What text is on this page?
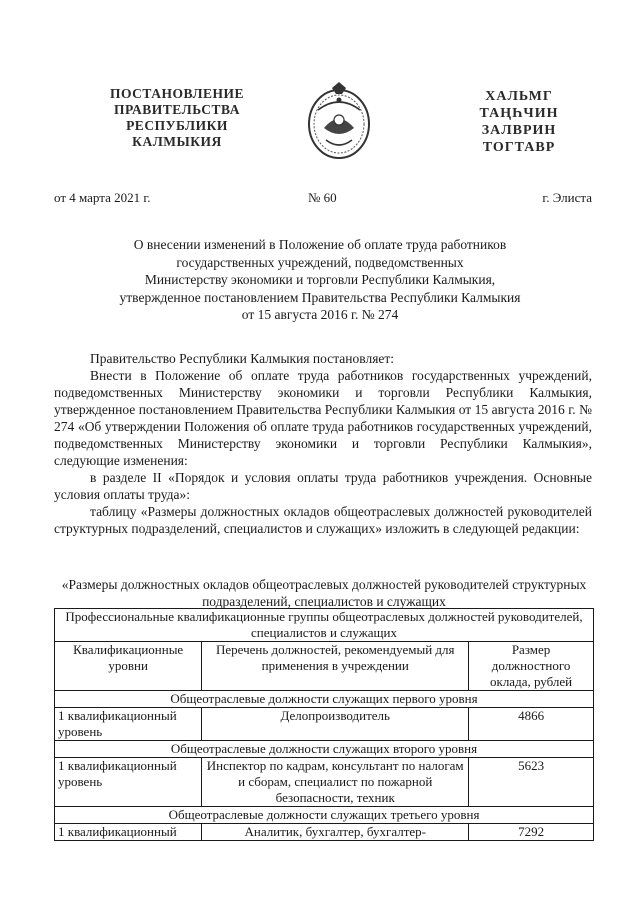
ПОСТАНОВЛЕНИЕ
ПРАВИТЕЛЬСТВА
РЕСПУБЛИКИ
КАЛМЫКИЯ
ХАЛЬМГ
ТАҢҺЧИН
ЗАЛВРИН
ТОГТАВР
от 4 марта 2021 г.	№ 60	г. Элиста
О внесении изменений в Положение об оплате труда работников
государственных учреждений, подведомственных
Министерству экономики и торговли Республики Калмыкия,
утвержденное постановлением Правительства Республики Калмыкия
от 15 августа 2016 г. № 274

Правительство Республики Калмыкия постановляет:

Внести в Положение об оплате труда работников государственных учреждений, подведомственных Министерству экономики и торговли Республики Калмыкия, утвержденное постановлением Правительства Республики Калмыкия от 15 августа 2016 г. № 274 «Об утверждении Положения об оплате труда работников государственных учреждений, подведомственных Министерству экономики и торговли Республики Калмыкия», следующие изменения:

в разделе II «Порядок и условия оплаты труда работников учреждения. Основные условия оплаты труда»:

таблицу «Размеры должностных окладов общеотраслевых должностей руководителей структурных подразделений, специалистов и служащих» изложить в следующей редакции:

«Размеры должностных окладов общеотраслевых должностей руководителей структурных подразделений, специалистов и служащих
Профессиональные квалификационные группы общеотраслевых должностей руководителей, специалистов и служащих		
Квалификационные уровни	Перечень должностей, рекомендуемый для применения в учреждении	Размер должностного оклада, рублей
Общеотраслевые должности служащих первого уровня		
1 квалификационный уровень	Делопроизводитель	4866
Общеотраслевые должности служащих второго уровня		
1 квалификационный уровень	Инспектор по кадрам, консультант по налогам и сборам, специалист по пожарной безопасности, техник	5623
Общеотраслевые должности служащих третьего уровня		
1 квалификационный	Аналитик, бухгалтер, бухгалтер-	7292
